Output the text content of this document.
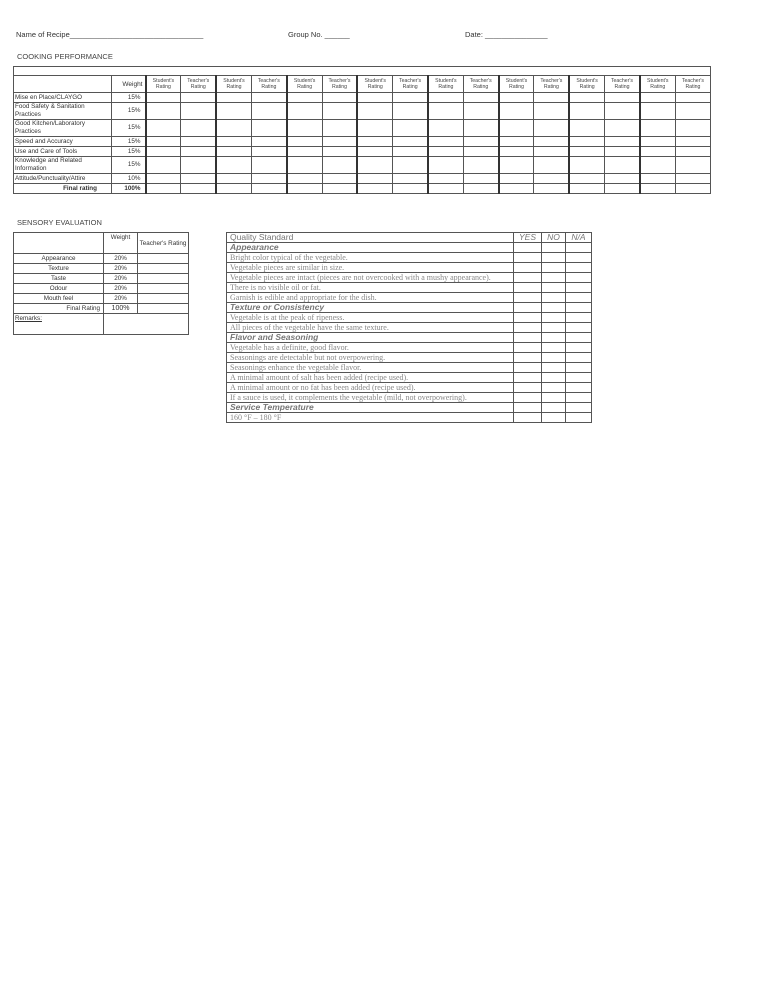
Name of Recipe________________________________	Group No. ______	Date: _______________
COOKING PERFORMANCE

	Weight	Student's Rating	Teacher's Rating	Student's Rating	Teacher's Rating	Student's Rating	Teacher's Rating	Student's Rating	Teacher's Rating	Student's Rating	Teacher's Rating	Student's Rating	Teacher's Rating	Student's Rating	Teacher's Rating	Student's Rating	Teacher's Rating
Mise en Place/CLAYGO	15%																
Food Safety & Sanitation Practices	15%																
Good Kitchen/Laboratory Practices	15%																
Speed and Accuracy	15%																
Use and Care of Tools	15%																
Knowledge and Related Information	15%																
Attitude/Punctuality/Attire	10%																
Final rating	100%																
SENSORY EVALUATION
	Weight	Teacher's Rating
Appearance	20%	
Texture	20%	
Taste	20%	
Odour	20%	
Mouth feel	20%	
Final Rating	100%	
Remarks:		
Quality Standard	YES	NO	N/A
Appearance			
Bright color typical of the vegetable.			
Vegetable pieces are similar in size.			
Vegetable pieces are intact (pieces are not overcooked with a mushy appearance).			
There is no visible oil or fat.			
Garnish is edible and appropriate for the dish.			
Texture or Consistency			
Vegetable is at the peak of ripeness.			
All pieces of the vegetable have the same texture.			
Flavor and Seasoning			
Vegetable has a definite, good flavor.			
Seasonings are detectable but not overpowering.			
Seasonings enhance the vegetable flavor.			
A minimal amount of salt has been added (recipe used).			
A minimal amount or no fat has been added (recipe used).			
If a sauce is used, it complements the vegetable (mild, not overpowering).			
Service Temperature			
160 °F – 180 °F			
